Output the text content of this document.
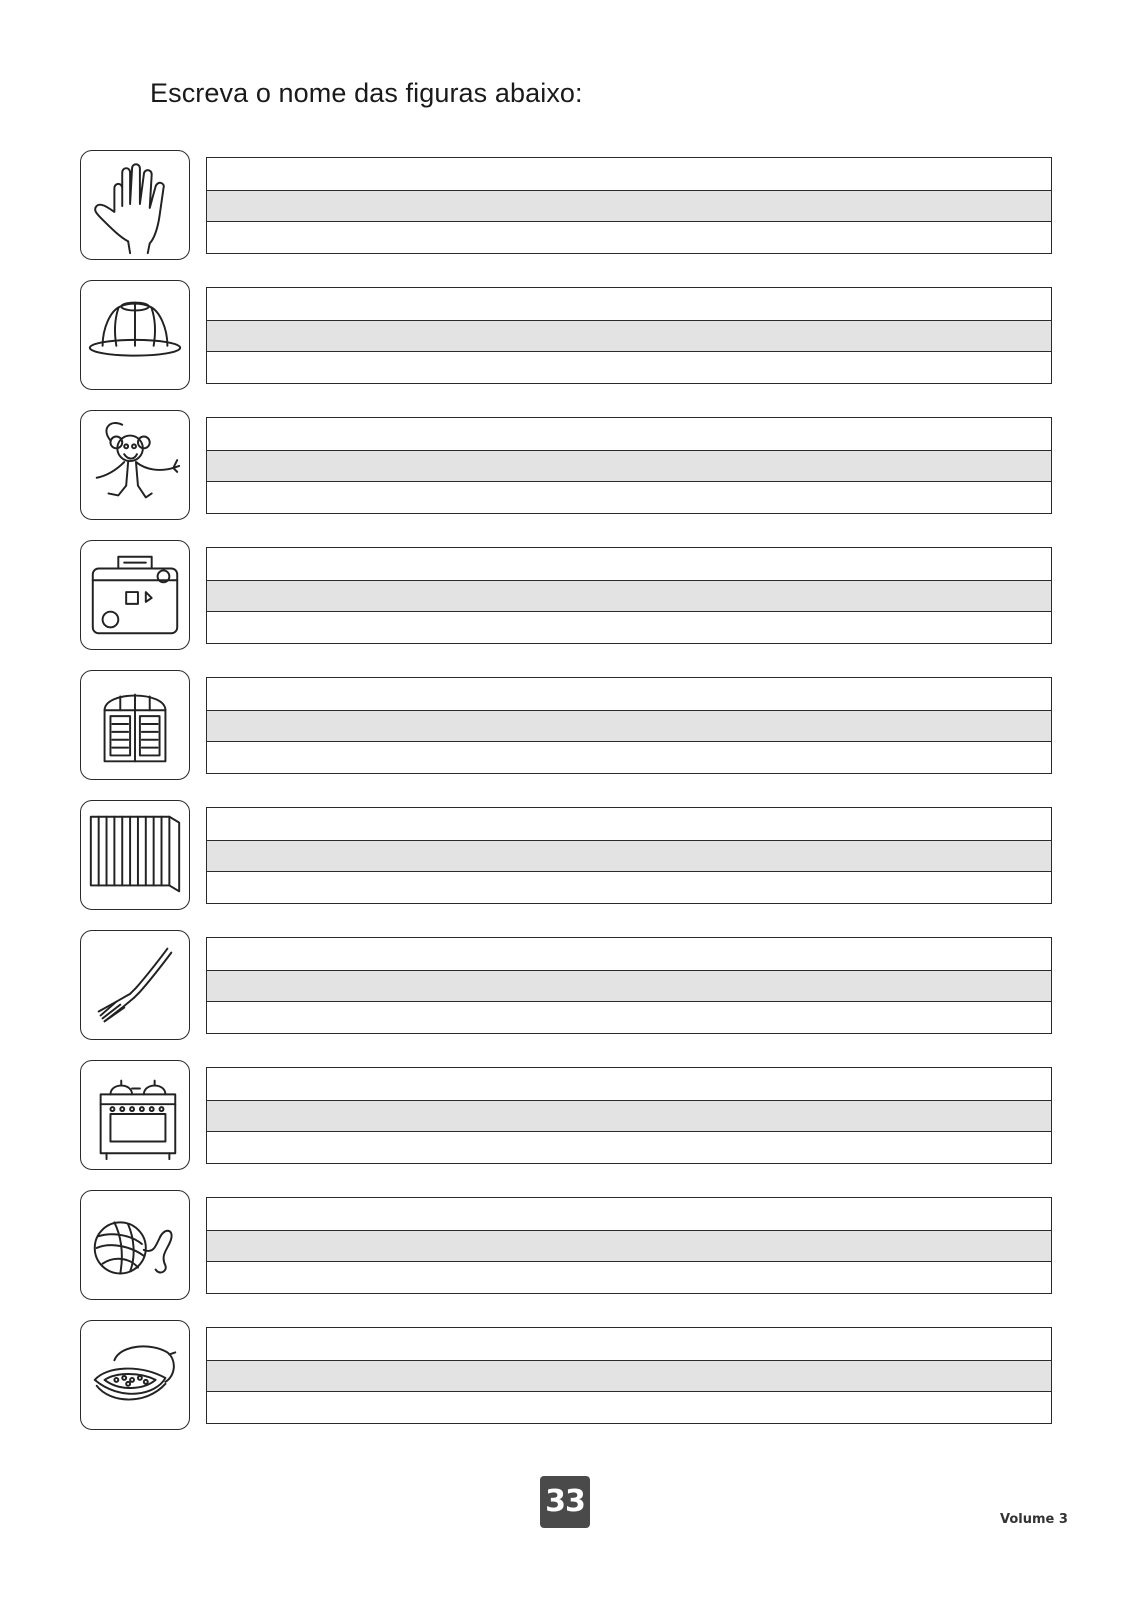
Escreva o nome das figuras abaixo:
33
Volume 3
